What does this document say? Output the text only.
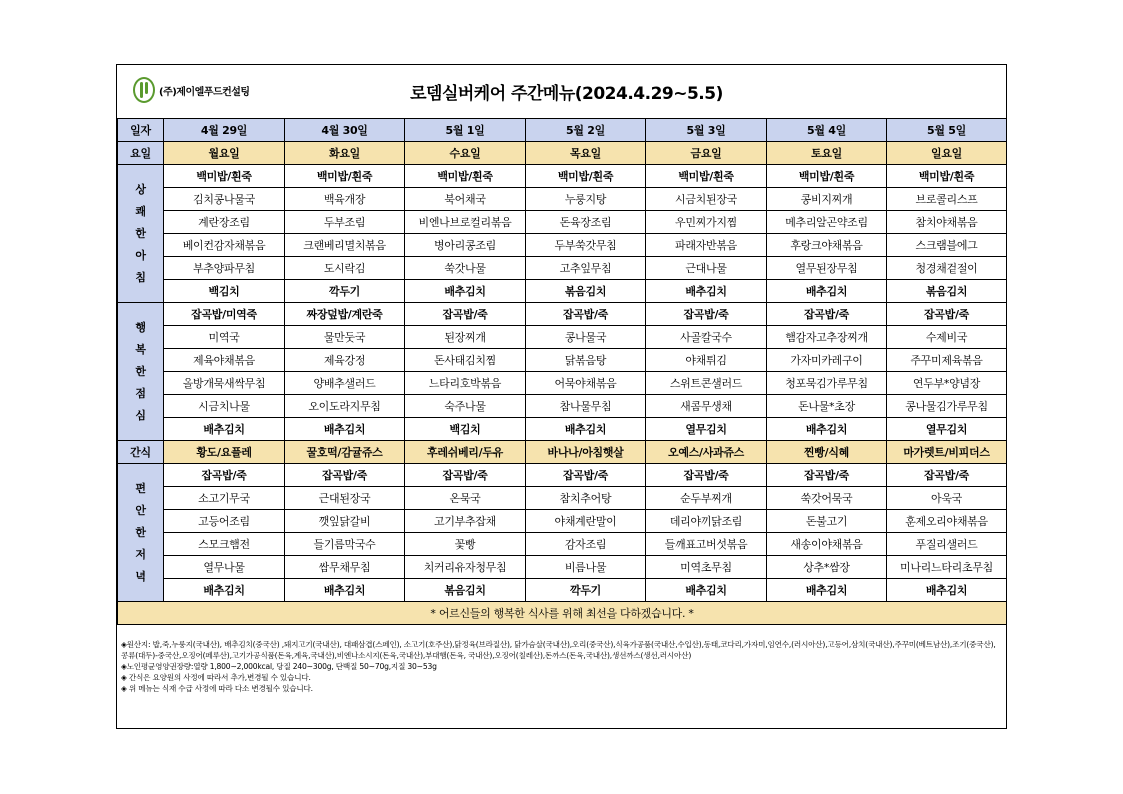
(주)제이엘푸드컨설팅	로뎀실버케어 주간메뉴(2024.4.29~5.5)
일자	4월 29일	4월 30일	5월 1일	5월 2일	5월 3일	5월 4일	5월 5일
요일	월요일	화요일	수요일	목요일	금요일	토요일	일요일

상
쾌
한
아
침	백미밥/흰죽	백미밥/흰죽	백미밥/흰죽	백미밥/흰죽	백미밥/흰죽	백미밥/흰죽	백미밥/흰죽
	김치콩나물국	백육개장	북어채국	누룽지탕	시금치된장국	콩비지찌개	브로콜리스프
	계란장조림	두부조림	비엔나브로컬리볶음	돈육장조림	우민찌가지찜	메추리알곤약조림	참치야채볶음
	베이컨감자채볶음	크랜베리멸치볶음	병아리콩조림	두부쑥갓무침	파래자반볶음	후랑크야채볶음	스크램블에그
	부추양파무침	도시락김	쑥갓나물	고추잎무침	근대나물	열무된장무침	청경채겉절이
	백김치	깍두기	배추김치	볶음김치	배추김치	배추김치	볶음김치

행
복
한
점
심	잡곡밥/미역죽	짜장덮밥/계란죽	잡곡밥/죽	잡곡밥/죽	잡곡밥/죽	잡곡밥/죽	잡곡밥/죽
	미역국	물만둣국	된장찌개	콩나물국	사골칼국수	햄감자고추장찌개	수제비국
	제육야채볶음	제육강정	돈사태김치찜	닭볶음탕	야채튀김	가자미카레구이	주꾸미제육볶음
	올방개묵새싹무침	양배추샐러드	느타리호박볶음	어묵야채볶음	스위트콘샐러드	청포묵김가루무침	연두부*양념장
	시금치나물	오이도라지무침	숙주나물	참나물무침	새콤무생채	돈나물*초장	콩나물김가루무침
	배추김치	배추김치	백김치	배추김치	열무김치	배추김치	열무김치
간식	황도/요플레	꿀호떡/감귤쥬스	후레쉬베리/두유	바나나/아침햇살	오예스/사과쥬스	찐빵/식혜	마가렛트/비피더스

편
안
한
저
녁	잡곡밥/죽	잡곡밥/죽	잡곡밥/죽	잡곡밥/죽	잡곡밥/죽	잡곡밥/죽	잡곡밥/죽
	소고기무국	근대된장국	온묵국	참치추어탕	순두부찌개	쑥갓어묵국	아욱국
	고등어조림	깻잎닭갈비	고기부추잡채	야채계란말이	데리야끼닭조림	돈불고기	훈제오리야채볶음
	스모크햄전	들기름막국수	꽃빵	감자조림	들깨표고버섯볶음	새송이야채볶음	푸질리샐러드
	열무나물	쌈무채무침	치커리유자청무침	비름나물	미역초무침	상추*쌈장	미나리느타리초무침
	배추김치	배추김치	볶음김치	깍두기	배추김치	배추김치	배추김치
* 어르신들의 행복한 식사를 위해 최선을 다하겠습니다. *							
◈원산지: 밥,죽,누룽지(국내산), 배추김치(중국산) ,돼지고기(국내산), 대패삼겹(스페인), 소고기(호주산),닭정육(브라질산), 닭가슴살(국내산),오리(중국산),식육가공품(국내산,수입산),동태,코다리,가자미,임연수,(러시아산),고등어,삼치(국내산),주꾸미(베트남산),조기(중국산),콩류(대두)-중국산,오징어(페루산),고기가공식품(돈육,계육,국내산),비엔나소시지(돈육,국내산),부대햄(돈육, 국내산),오징어(칠레산),돈까스(돈육,국내산),생선까스(생선,러시아산)
◈노인평균영양권장량:열량 1,800~2,000kcal, 당질 240~300g, 단백질 50~70g,지질 30~53g
◈ 간식은 요양원의 사정에 따라서 추가,변경될 수 있습니다.
◈ 위 메뉴는 식재 수급 사정에 따라 다소 변경될수 있습니다.
